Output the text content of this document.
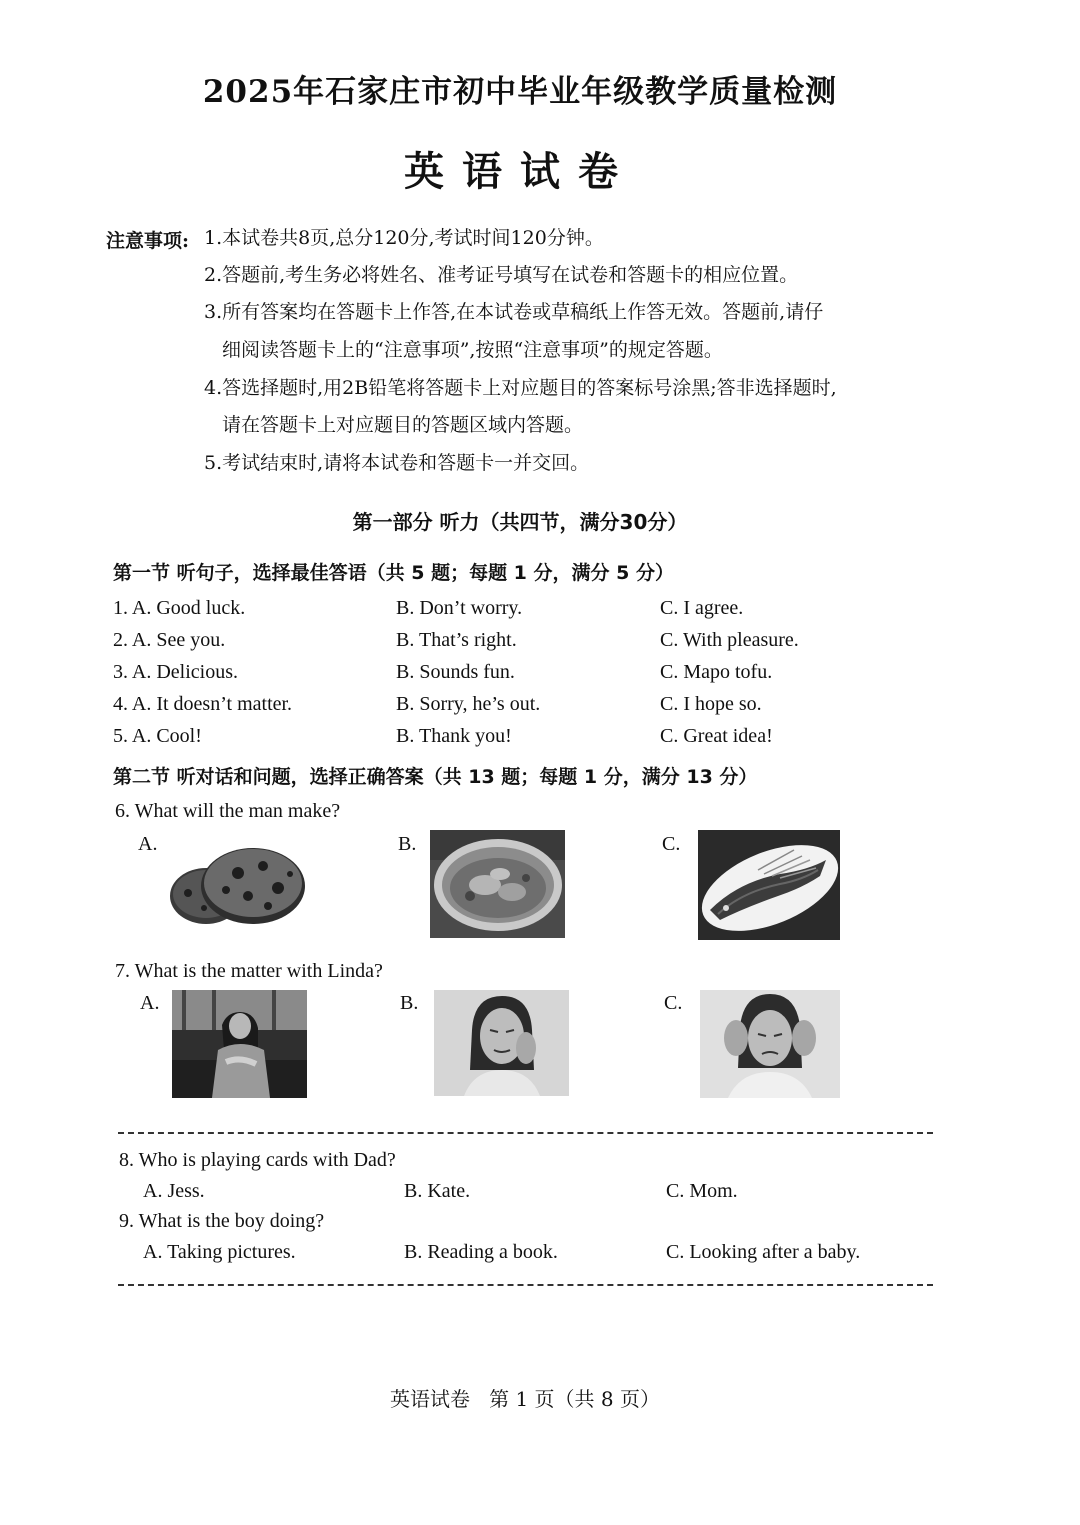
2025年石家庄市初中毕业年级教学质量检测
英语试卷
注意事项: 1.本试卷共8页,总分120分,考试时间120分钟。
2.答题前,考生务必将姓名、准考证号填写在试卷和答题卡的相应位置。
3.所有答案均在答题卡上作答,在本试卷或草稿纸上作答无效。答题前,请仔
细阅读答题卡上的“注意事项”,按照“注意事项”的规定答题。
4.答选择题时,用2B铅笔将答题卡上对应题目的答案标号涂黑;答非选择题时,
请在答题卡上对应题目的答题区域内答题。
5.考试结束时,请将本试卷和答题卡一并交回。
第一部分 听力（共四节，满分30分）
第一节 听句子，选择最佳答语（共 5 题；每题 1 分，满分 5 分）
1. A. Good luck.	B. Don’t worry.	C. I agree.
2. A. See you.	B. That’s right.	C. With pleasure.
3. A. Delicious.	B. Sounds fun.	C. Mapo tofu.
4. A. It doesn’t matter.	B. Sorry, he’s out.	C. I hope so.
5. A. Cool!	B. Thank you!	C. Great idea!
第二节 听对话和问题，选择正确答案（共 13 题；每题 1 分，满分 13 分）
6. What will the man make?
A.	B.	C.
7. What is the matter with Linda?
A.	B.	C.
8. Who is playing cards with Dad?
A. Jess.	B. Kate.	C. Mom.
9. What is the boy doing?
A. Taking pictures.	B. Reading a book.	C. Looking after a baby.
英语试卷   第 1 页（共 8 页）
